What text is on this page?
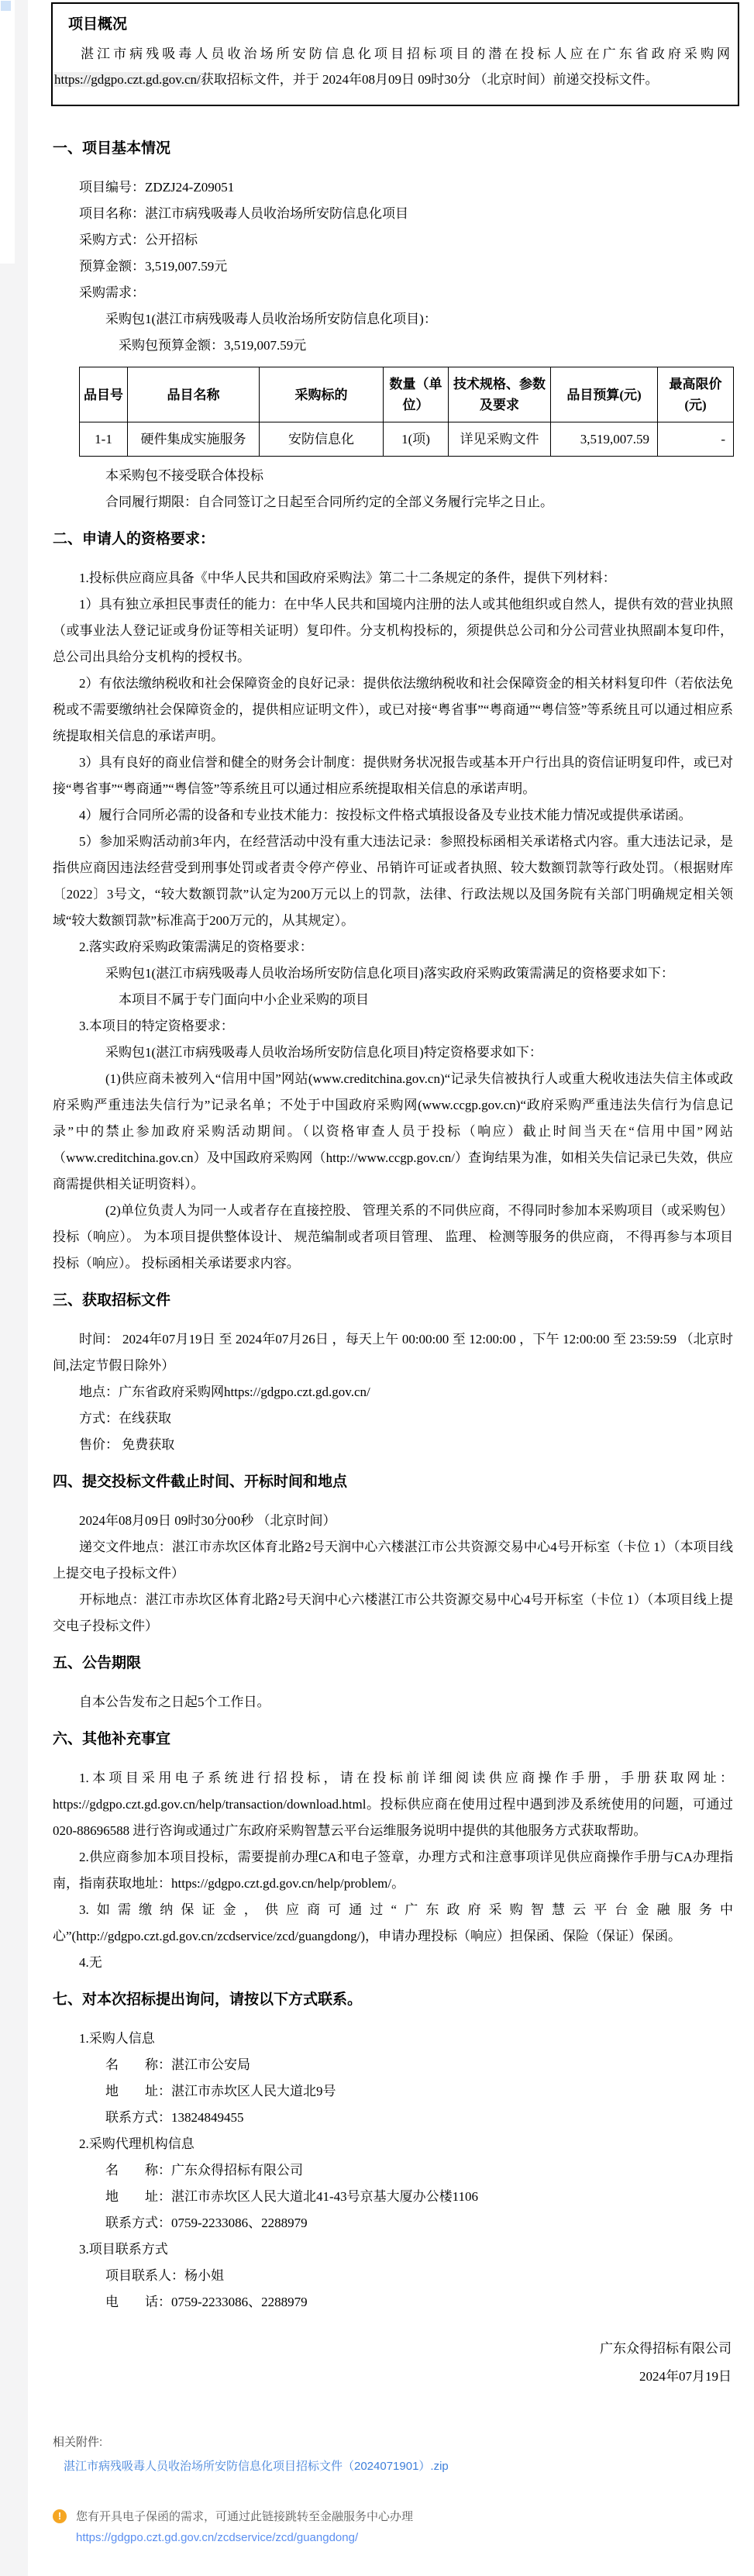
项目概况

湛江市病残吸毒人员收治场所安防信息化项目招标项目的潜在投标人应在广东省政府采购网https://gdgpo.czt.gd.gov.cn/获取招标文件，并于 2024年08月09日 09时30分 （北京时间）前递交投标文件。

一、项目基本情况

项目编号：ZDZJ24-Z09051

项目名称：湛江市病残吸毒人员收治场所安防信息化项目

采购方式：公开招标

预算金额：3,519,007.59元

采购需求：

采购包1(湛江市病残吸毒人员收治场所安防信息化项目)：

采购包预算金额：3,519,007.59元

品目号	品目名称	采购标的	数量（单位）	技术规格、参数及要求	品目预算(元)	最高限价(元)
1-1	硬件集成实施服务	安防信息化	1(项)	详见采购文件	3,519,007.59	-

本采购包不接受联合体投标

合同履行期限：自合同签订之日起至合同所约定的全部义务履行完毕之日止。

二、申请人的资格要求：

1.投标供应商应具备《中华人民共和国政府采购法》第二十二条规定的条件，提供下列材料：

1）具有独立承担民事责任的能力：在中华人民共和国境内注册的法人或其他组织或自然人，提供有效的营业执照（或事业法人登记证或身份证等相关证明）复印件。分支机构投标的，须提供总公司和分公司营业执照副本复印件，总公司出具给分支机构的授权书。

2）有依法缴纳税收和社会保障资金的良好记录：提供依法缴纳税收和社会保障资金的相关材料复印件（若依法免税或不需要缴纳社会保障资金的，提供相应证明文件），或已对接“粤省事”“粤商通”“粤信签”等系统且可以通过相应系统提取相关信息的承诺声明。

3）具有良好的商业信誉和健全的财务会计制度：提供财务状况报告或基本开户行出具的资信证明复印件，或已对接“粤省事”“粤商通”“粤信签”等系统且可以通过相应系统提取相关信息的承诺声明。

4）履行合同所必需的设备和专业技术能力：按投标文件格式填报设备及专业技术能力情况或提供承诺函。

5）参加采购活动前3年内，在经营活动中没有重大违法记录：参照投标函相关承诺格式内容。重大违法记录，是指供应商因违法经营受到刑事处罚或者责令停产停业、吊销许可证或者执照、较大数额罚款等行政处罚。（根据财库〔2022〕3号文，“较大数额罚款”认定为200万元以上的罚款，法律、行政法规以及国务院有关部门明确规定相关领域“较大数额罚款”标准高于200万元的，从其规定）。

2.落实政府采购政策需满足的资格要求：

采购包1(湛江市病残吸毒人员收治场所安防信息化项目)落实政府采购政策需满足的资格要求如下：

本项目不属于专门面向中小企业采购的项目

3.本项目的特定资格要求：

采购包1(湛江市病残吸毒人员收治场所安防信息化项目)特定资格要求如下：

(1)供应商未被列入“信用中国”网站(www.creditchina.gov.cn)“记录失信被执行人或重大税收违法失信主体或政府采购严重违法失信行为”记录名单；不处于中国政府采购网(www.ccgp.gov.cn)“政府采购严重违法失信行为信息记录”中的禁止参加政府采购活动期间。（以资格审查人员于投标（响应）截止时间当天在“信用中国”网站（www.creditchina.gov.cn）及中国政府采购网（http://www.ccgp.gov.cn/）查询结果为准，如相关失信记录已失效，供应商需提供相关证明资料）。

(2)单位负责人为同一人或者存在直接控股、 管理关系的不同供应商，不得同时参加本采购项目（或采购包） 投标（响应）。 为本项目提供整体设计、 规范编制或者项目管理、 监理、 检测等服务的供应商， 不得再参与本项目投标（响应）。 投标函相关承诺要求内容。

三、获取招标文件

时间： 2024年07月19日 至 2024年07月26日 ，每天上午 00:00:00 至 12:00:00 ，下午 12:00:00 至 23:59:59 （北京时间,法定节假日除外）

地点：广东省政府采购网https://gdgpo.czt.gd.gov.cn/

方式：在线获取

售价： 免费获取

四、提交投标文件截止时间、开标时间和地点

2024年08月09日 09时30分00秒 （北京时间）

递交文件地点：湛江市赤坎区体育北路2号天润中心六楼湛江市公共资源交易中心4号开标室（卡位 1）（本项目线上提交电子投标文件）

开标地点：湛江市赤坎区体育北路2号天润中心六楼湛江市公共资源交易中心4号开标室（卡位 1）（本项目线上提交电子投标文件）

五、公告期限

自本公告发布之日起5个工作日。

六、其他补充事宜

1.本项目采用电子系统进行招投标，请在投标前详细阅读供应商操作手册，手册获取网址：https://gdgpo.czt.gd.gov.cn/help/transaction/download.html。投标供应商在使用过程中遇到涉及系统使用的问题，可通过020-88696588 进行咨询或通过广东政府采购智慧云平台运维服务说明中提供的其他服务方式获取帮助。

2.供应商参加本项目投标，需要提前办理CA和电子签章，办理方式和注意事项详见供应商操作手册与CA办理指南，指南获取地址：https://gdgpo.czt.gd.gov.cn/help/problem/。

3.如需缴纳保证金，供应商可通过“广东政府采购智慧云平台金融服务中心”(http://gdgpo.czt.gd.gov.cn/zcdservice/zcd/guangdong/)，申请办理投标（响应）担保函、保险（保证）保函。

4.无

七、对本次招标提出询问，请按以下方式联系。

1.采购人信息

名　　称：湛江市公安局

地　　址：湛江市赤坎区人民大道北9号

联系方式：13824849455

2.采购代理机构信息

名　　称：广东众得招标有限公司

地　　址：湛江市赤坎区人民大道北41-43号京基大厦办公楼1106

联系方式：0759-2233086、2288979

3.项目联系方式

项目联系人：杨小姐

电　　话：0759-2233086、2288979

广东众得招标有限公司
2024年07月19日
相关附件:
湛江市病残吸毒人员收治场所安防信息化项目招标文件（2024071901）.zip
!	您有开具电子保函的需求，可通过此链接跳转至金融服务中心办理
https://gdgpo.czt.gd.gov.cn/zcdservice/zcd/guangdong/
